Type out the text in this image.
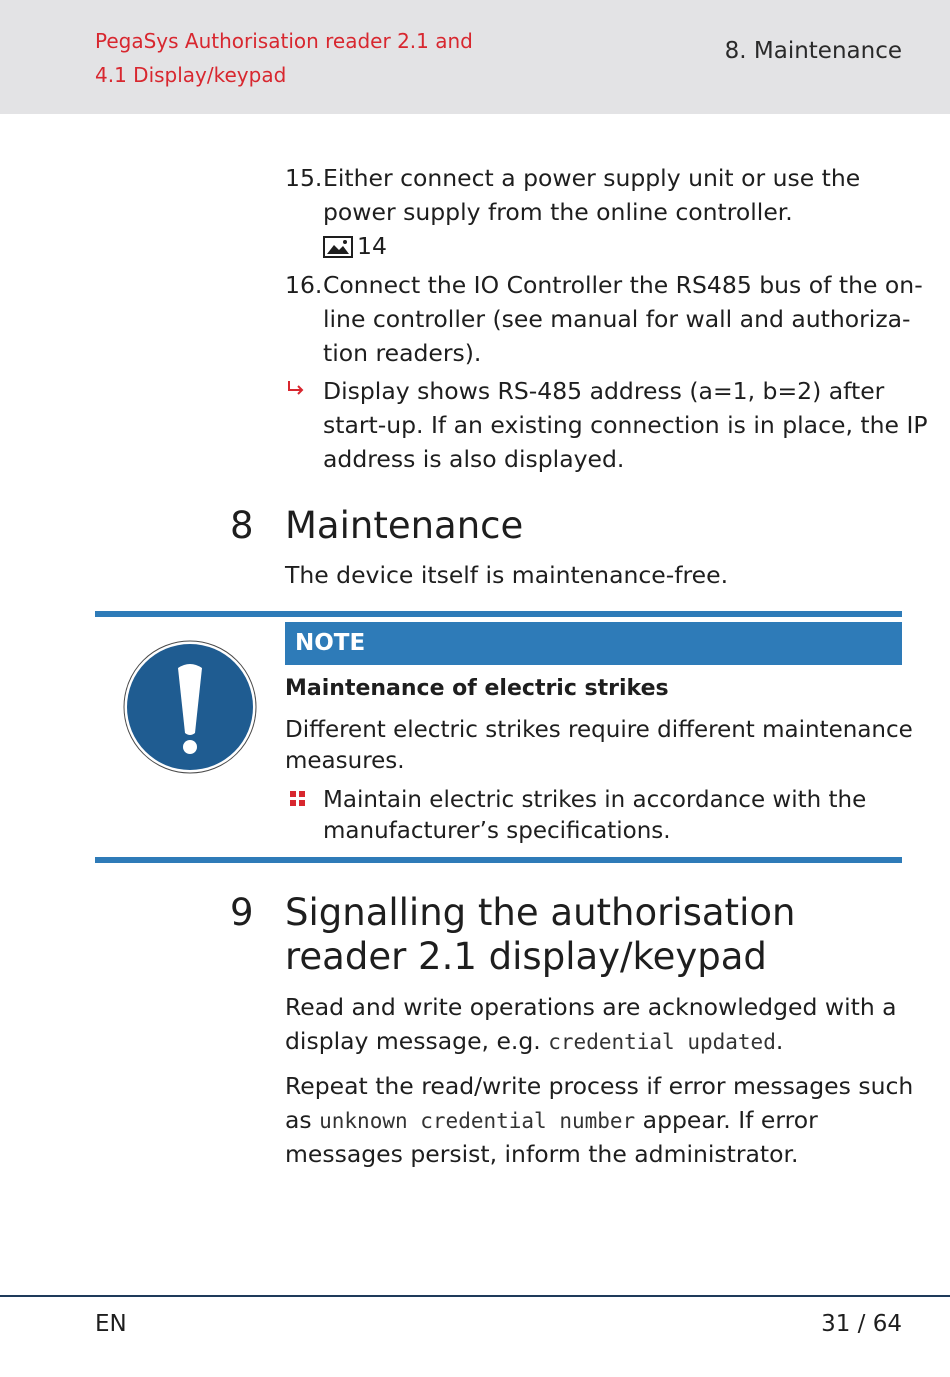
PegaSys Authorisation reader 2.1 and
4.1 Display/keypad
8. Maintenance
15. Either connect a power supply unit or use the
power supply from the online controller.
14
16. Connect the IO Controller the RS485 bus of the on-
line controller (see manual for wall and authoriza-
tion readers).
Display shows RS-485 address (a=1, b=2) after
start-up. If an existing connection is in place, the IP
address is also displayed.
8 Maintenance
The device itself is maintenance-free.
NOTE
Maintenance of electric strikes
Different electric strikes require different maintenance
measures.
Maintain electric strikes in accordance with the
manufacturer’s specifications.
9 Signalling the authorisation
reader 2.1 display/keypad
Read and write operations are acknowledged with a
display message, e.g. credential updated.
Repeat the read/write process if error messages such
as unknown credential number appear. If error
messages persist, inform the administrator.
EN	31 / 64
